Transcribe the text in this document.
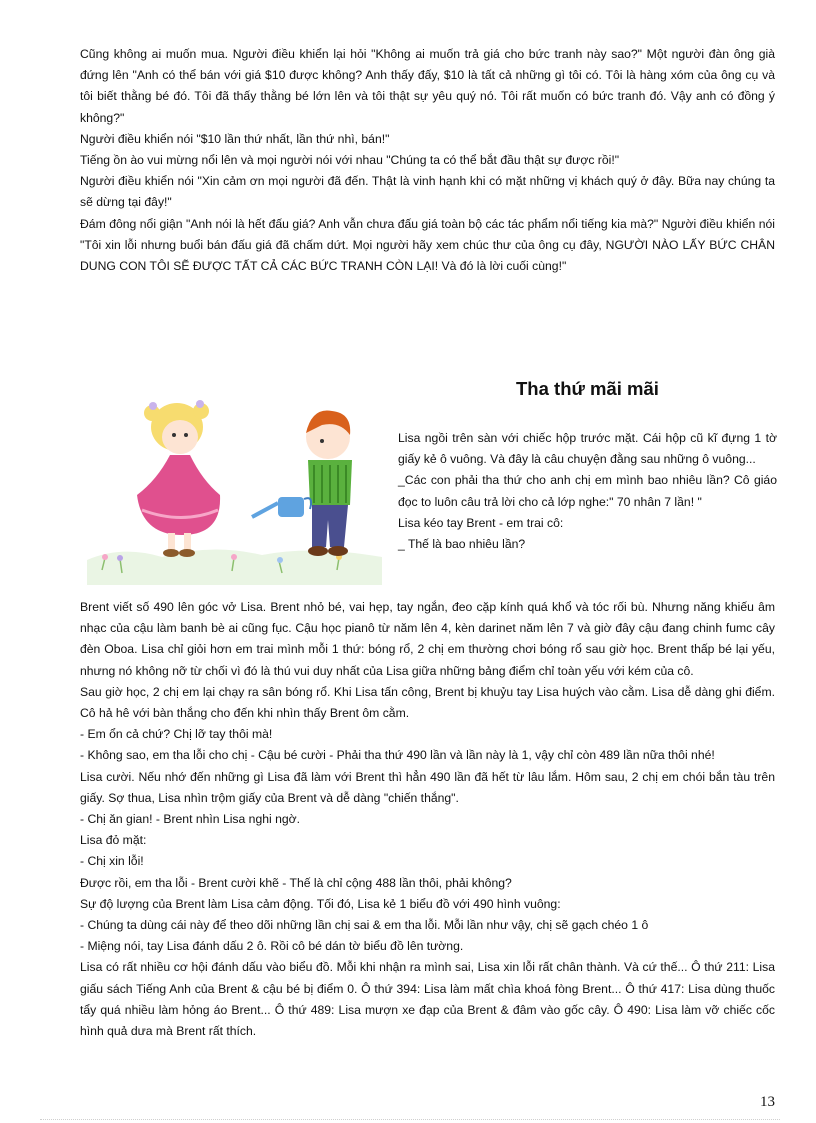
Cũng không ai muốn mua. Người điều khiển lại hỏi "Không ai muốn trả giá cho bức tranh này sao?" Một người đàn ông già đứng lên "Anh có thể bán với giá $10 được không? Anh thấy đấy, $10 là tất cả những gì tôi có. Tôi là hàng xóm của ông cụ và tôi biết thằng bé đó. Tôi đã thấy thằng bé lớn lên và tôi thật sự yêu quý nó. Tôi rất muốn có bức tranh đó. Vậy anh có đồng ý không?"

Người điều khiển nói "$10 lần thứ nhất, lần thứ nhì, bán!"

Tiếng ồn ào vui mừng nổi lên và mọi người nói với nhau "Chúng ta có thể bắt đầu thật sự được rồi!"

Người điều khiển nói "Xin cảm ơn mọi người đã đến. Thật là vinh hạnh khi có mặt những vị khách quý ở đây. Bữa nay chúng ta sẽ dừng tại đây!"

Đám đông nổi giận "Anh nói là hết đấu giá? Anh vẫn chưa đấu giá toàn bộ các tác phẩm nổi tiếng kia mà?" Người điều khiển nói "Tôi xin lỗi nhưng buổi bán đấu giá đã chấm dứt. Mọi người hãy xem chúc thư của ông cụ đây, NGƯỜI NÀO LẤY BỨC CHÂN DUNG CON TÔI SẼ ĐƯỢC TẤT CẢ CÁC BỨC TRANH CÒN LẠI! Và đó là lời cuối cùng!"

Tha thứ mãi mãi

Lisa ngồi trên sàn với chiếc hộp trước mặt. Cái hộp cũ kĩ đựng 1 tờ giấy kẻ ô vuông. Và đây là câu chuyện đằng sau những ô vuông...

_Các con phải tha thứ cho anh chị em mình bao nhiêu lần? Cô giáo đọc to luôn câu trả lời cho cả lớp nghe:" 70 nhân 7 lần! "

Lisa kéo tay Brent - em trai cô:

_ Thế là bao nhiêu lần?

Brent viết số 490 lên góc vở Lisa. Brent nhỏ bé, vai hẹp, tay ngắn, đeo cặp kính quá khổ và tóc rối bù. Nhưng năng khiếu âm nhạc của cậu làm banh bè ai cũng fục. Cậu học pianô từ năm lên 4, kèn darinet năm lên 7 và giờ đây cậu đang chinh fumc cây đèn Oboa. Lisa chỉ giỏi hơn em trai mình mỗi 1 thứ: bóng rổ, 2 chị em thường chơi bóng rổ sau giờ học. Brent thấp bé lại yếu, nhưng nó không nỡ từ chối vì đó là thú vui duy nhất của Lisa giữa những bảng điểm chỉ toàn yếu với kém của cô.

Sau giờ học, 2 chị em lại chạy ra sân bóng rổ. Khi Lisa tấn công, Brent bị khuỷu tay Lisa huých vào cằm. Lisa dễ dàng ghi điểm. Cô hả hê với bàn thắng cho đến khi nhìn thấy Brent ôm cằm.

- Em ổn cả chứ? Chị lỡ tay thôi mà!

- Không sao, em tha lỗi cho chị - Cậu bé cười - Phải tha thứ 490 lần và lần này là 1, vậy chỉ còn 489 lần nữa thôi nhé!

Lisa cười. Nếu nhớ đến những gì Lisa đã làm với Brent thì hẳn 490 lần đã hết từ lâu lắm. Hôm sau, 2 chị em chói bắn tàu trên giấy. Sợ thua, Lisa nhìn trộm giấy của Brent và dễ dàng "chiến thắng".

- Chị ăn gian! - Brent nhìn Lisa nghi ngờ.

Lisa đỏ mặt:

- Chị xin lỗi!

Được rồi, em tha lỗi - Brent cười khẽ - Thế là chỉ cộng 488 lần thôi, phải không?

Sự độ lượng của Brent làm Lisa cảm động. Tối đó, Lisa kẻ 1 biểu đồ với 490 hình vuông:

- Chúng ta dùng cái này để theo dõi những lần chị sai & em tha lỗi. Mỗi lần như vậy, chị sẽ gạch chéo 1 ô

- Miệng nói, tay Lisa đánh dấu 2 ô. Rồi cô bé dán tờ biểu đồ lên tường.

Lisa có rất nhiều cơ hội đánh dấu vào biểu đồ. Mỗi khi nhận ra mình sai, Lisa xin lỗi rất chân thành. Và cứ thế... Ô thứ 211: Lisa giấu sách Tiếng Anh của Brent & cậu bé bị điểm 0. Ô thứ 394: Lisa làm mất chìa khoá fòng Brent... Ô thứ 417: Lisa dùng thuốc tẩy quá nhiều làm hỏng áo Brent... Ô thứ 489: Lisa mượn xe đạp của Brent & đâm vào gốc cây. Ô 490: Lisa làm vỡ chiếc cốc hình quả dưa mà Brent rất thích.

13
